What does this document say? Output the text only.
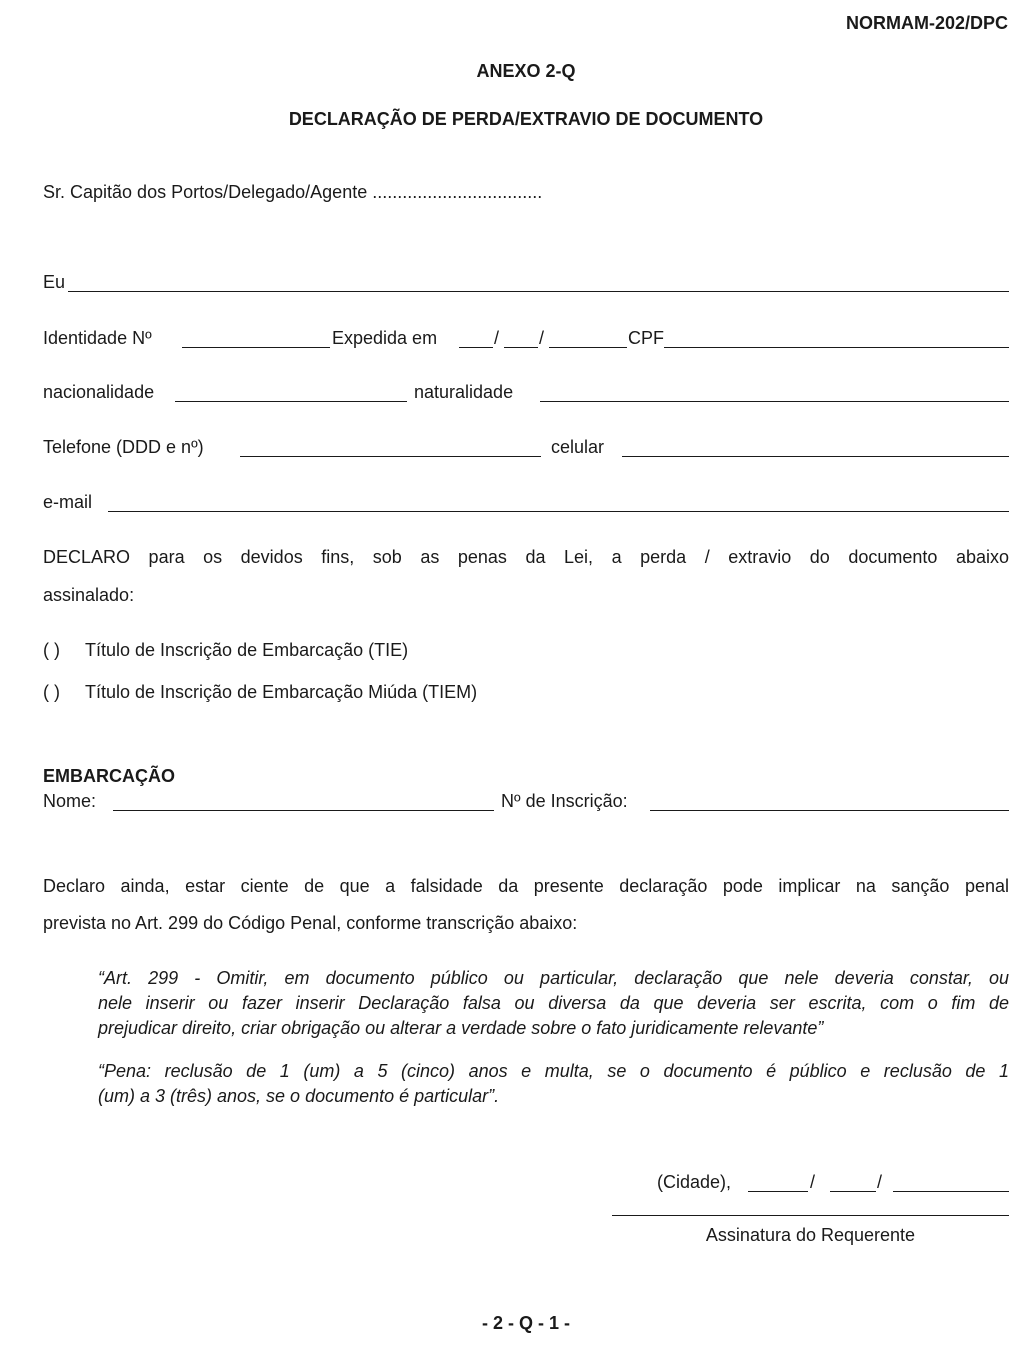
NORMAM-202/DPC
ANEXO 2-Q
DECLARAÇÃO DE PERDA/EXTRAVIO DE DOCUMENTO
Sr. Capitão dos Portos/Delegado/Agente ..................................
Eu
Identidade Nº	Expedida em	/ /	CPF
nacionalidade	naturalidade
Telefone (DDD e nº)	celular
e-mail
DECLARO para os devidos fins, sob as penas da Lei, a perda / extravio do documento abaixo
assinalado:
( ) Título de Inscrição de Embarcação (TIE)
( ) Título de Inscrição de Embarcação Miúda (TIEM)
EMBARCAÇÃO
Nome:	Nº de Inscrição:
Declaro ainda, estar ciente de que a falsidade da presente declaração pode implicar na sanção penal
prevista no Art. 299 do Código Penal, conforme transcrição abaixo:
“Art. 299 - Omitir, em documento público ou particular, declaração que nele deveria constar, ou
nele inserir ou fazer inserir Declaração falsa ou diversa da que deveria ser escrita, com o fim de
prejudicar direito, criar obrigação ou alterar a verdade sobre o fato juridicamente relevante”
“Pena: reclusão de 1 (um) a 5 (cinco) anos e multa, se o documento é público e reclusão de 1
(um) a 3 (três) anos, se o documento é particular”.
(Cidade),	/	/
Assinatura do Requerente
- 2 - Q - 1 -
